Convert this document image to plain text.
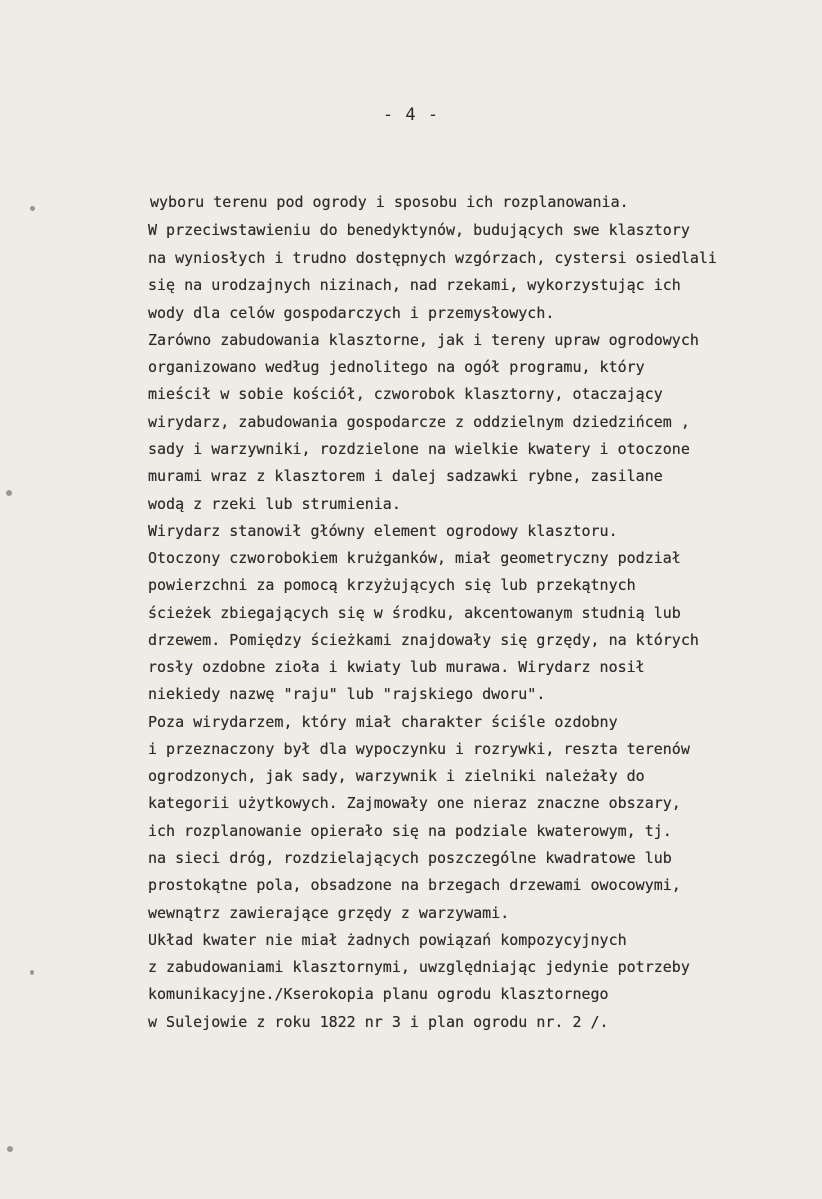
- 4 -
wyboru terenu pod ogrody i sposobu ich rozplanowania.
W przeciwstawieniu do benedyktynów, budujących swe klasztory
na wyniosłych i trudno dostępnych wzgórzach, cystersi osiedlali
się na urodzajnych nizinach, nad rzekami, wykorzystując ich
wody dla celów gospodarczych i przemysłowych.
Zarówno zabudowania klasztorne, jak i tereny upraw ogrodowych
organizowano według jednolitego na ogół programu, który
mieścił w sobie kościół, czworobok klasztorny, otaczający
wirydarz, zabudowania gospodarcze z oddzielnym dziedzińcem ,
sady i warzywniki, rozdzielone na wielkie kwatery i otoczone
murami wraz z klasztorem i dalej sadzawki rybne, zasilane
wodą z rzeki lub strumienia.
Wirydarz stanowił główny element ogrodowy klasztoru.
Otoczony czworobokiem krużganków, miał geometryczny podział
powierzchni za pomocą krzyżujących się lub przekątnych
ścieżek zbiegających się w środku, akcentowanym studnią lub
drzewem. Pomiędzy ścieżkami znajdowały się grzędy, na których
rosły ozdobne zioła i kwiaty lub murawa. Wirydarz nosił
niekiedy nazwę "raju" lub "rajskiego dworu".
Poza wirydarzem, który miał charakter ściśle ozdobny
i przeznaczony był dla wypoczynku i rozrywki, reszta terenów
ogrodzonych, jak sady, warzywnik i zielniki należały do
kategorii użytkowych. Zajmowały one nieraz znaczne obszary,
ich rozplanowanie opierało się na podziale kwaterowym, tj.
na sieci dróg, rozdzielających poszczególne kwadratowe lub
prostokątne pola, obsadzone na brzegach drzewami owocowymi,
wewnątrz zawierające grzędy z warzywami.
Układ kwater nie miał żadnych powiązań kompozycyjnych
z zabudowaniami klasztornymi, uwzględniając jedynie potrzeby
komunikacyjne./Kserokopia planu ogrodu klasztornego
w Sulejowie z roku 1822 nr 3 i plan ogrodu nr. 2 /.
